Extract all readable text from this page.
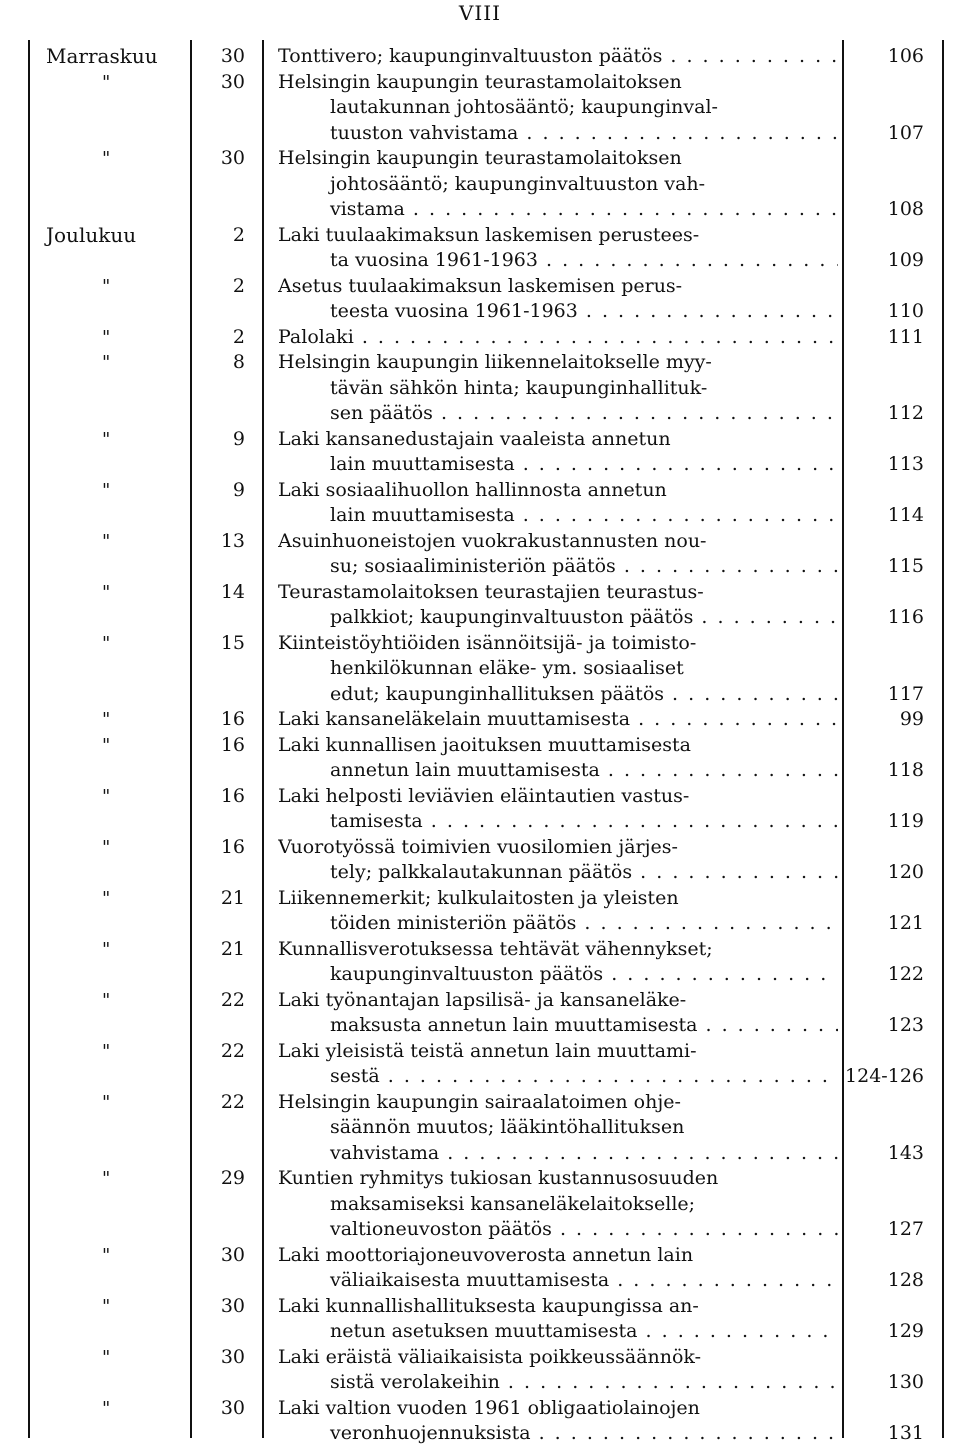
VIII
Marraskuu	30 Tonttivero; kaupunginvaltuuston päätös . . .	106
"	30 Helsingin kaupungin teurastamolaitoksen
lautakunnan johtosääntö; kaupunginval-
tuuston vahvistama . . .	107
"	30 Helsingin kaupungin teurastamolaitoksen
johtosääntö; kaupunginvaltuuston vah-
vistama . . .	108
Joulukuu	2 Laki tuulaakimaksun laskemisen perustees-
ta vuosina 1961-1963 . . .	109
"	2 Asetus tuulaakimaksun laskemisen perus-
teesta vuosina 1961-1963 . . .	110
"	2 Palolaki . . .	111
"	8 Helsingin kaupungin liikennelaitokselle myy-
tävän sähkön hinta; kaupunginhallituk-
sen päätös . . .	112
"	9 Laki kansanedustajain vaaleista annetun
lain muuttamisesta . . .	113
"	9 Laki sosiaalihuollon hallinnosta annetun
lain muuttamisesta . . .	114
"	13 Asuinhuoneistojen vuokrakustannusten nou-
su; sosiaaliministeriön päätös . . .	115
"	14 Teurastamolaitoksen teurastajien teurastus-
palkkiot; kaupunginvaltuuston päätös . . .	116
"	15 Kiinteistöyhtiöiden isännöitsijä- ja toimisto-
henkilökunnan eläke- ym. sosiaaliset
edut; kaupunginhallituksen päätös . . .	117
"	16 Laki kansaneläkelain muuttamisesta . . .	99
"	16 Laki kunnallisen jaoituksen muuttamisesta
annetun lain muuttamisesta . . .	118
"	16 Laki helposti leviävien eläintautien vastus-
tamisesta . . .	119
"	16 Vuorotyössä toimivien vuosilomien järjes-
tely; palkkalautakunnan päätös . . .	120
"	21 Liikennemerkit; kulkulaitosten ja yleisten
töiden ministeriön päätös . . .	121
"	21 Kunnallisverotuksessa tehtävät vähennykset;
kaupunginvaltuuston päätös . . .	122
"	22 Laki työnantajan lapsilisä- ja kansaneläke-
maksusta annetun lain muuttamisesta . . .	123
"	22 Laki yleisistä teistä annetun lain muuttami-
sestä . . .	124-126
"	22 Helsingin kaupungin sairaalatoimen ohje-
säännön muutos; lääkintöhallituksen
vahvistama . . .	143
"	29 Kuntien ryhmitys tukiosan kustannusosuuden
maksamiseksi kansaneläkelaitokselle;
valtioneuvoston päätös . . .	127
"	30 Laki moottoriajoneuvoverosta annetun lain
väliaikaisesta muuttamisesta . . .	128
"	30 Laki kunnallishallituksesta kaupungissa an-
netun asetuksen muuttamisesta . . .	129
"	30 Laki eräistä väliaikaisista poikkeussäännök-
sistä verolakeihin . . .	130
"	30 Laki valtion vuoden 1961 obligaatiolainojen
veronhuojennuksista . . .	131
